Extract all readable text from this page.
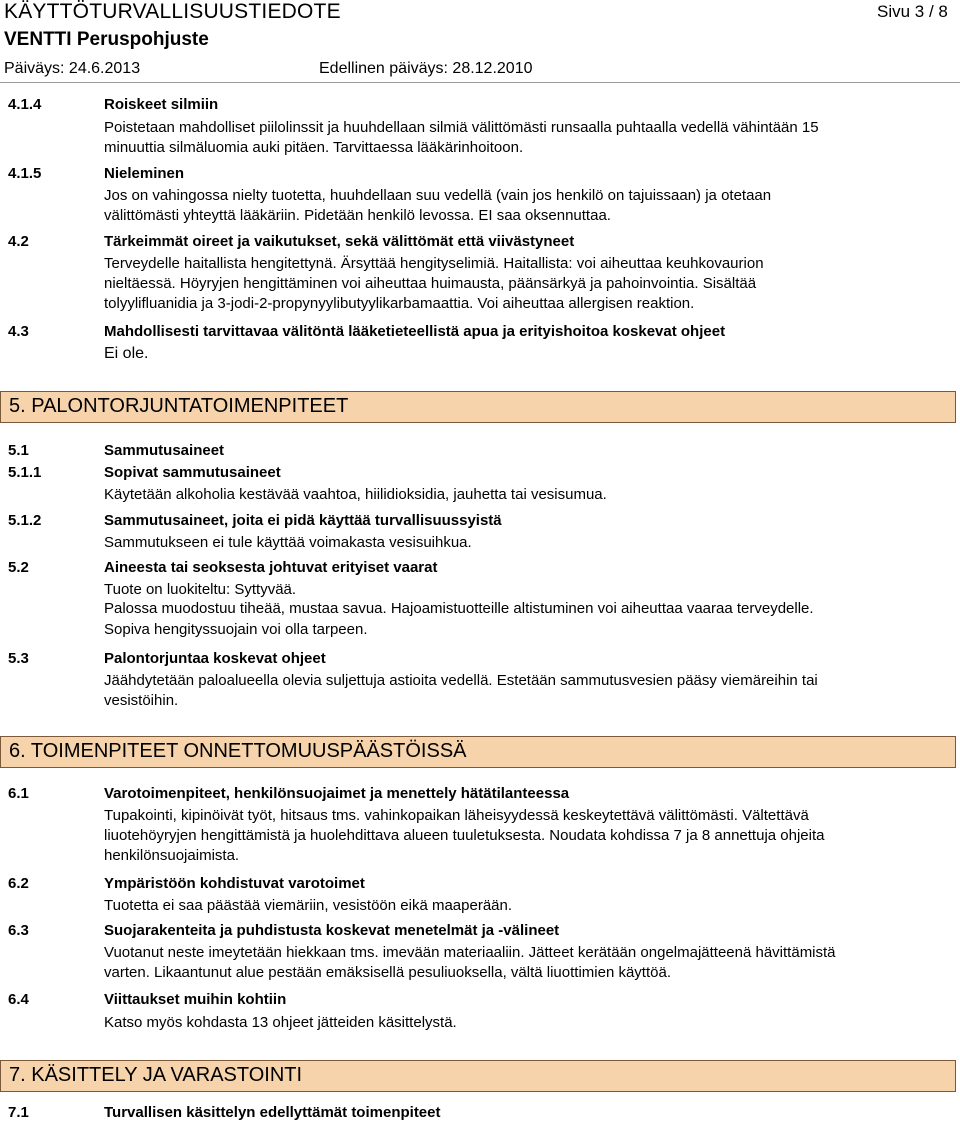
KÄYTTÖTURVALLISUUSTIEDOTE	Sivu 3 / 8
VENTTI Peruspohjuste
Päiväys: 24.6.2013	Edellinen päiväys: 28.12.2010
4.1.4	Roiskeet silmiin
Poistetaan mahdolliset piilolinssit ja huuhdellaan silmiä välittömästi runsaalla puhtaalla vedellä vähintään 15
minuuttia silmäluomia auki pitäen. Tarvittaessa lääkärinhoitoon.
4.1.5	Nieleminen
Jos on vahingossa nielty tuotetta, huuhdellaan suu vedellä (vain jos henkilö on tajuissaan) ja otetaan
välittömästi yhteyttä lääkäriin. Pidetään henkilö levossa. EI saa oksennuttaa.
4.2	Tärkeimmät oireet ja vaikutukset, sekä välittömät että viivästyneet
Terveydelle haitallista hengitettynä. Ärsyttää hengityselimiä. Haitallista: voi aiheuttaa keuhkovaurion
nieltäessä. Höyryjen hengittäminen voi aiheuttaa huimausta, päänsärkyä ja pahoinvointia. Sisältää
tolyylifluanidia ja 3-jodi-2-propynyylibutyylikarbamaattia. Voi aiheuttaa allergisen reaktion.
4.3	Mahdollisesti tarvittavaa välitöntä lääketieteellistä apua ja erityishoitoa koskevat ohjeet
Ei ole.
5. PALONTORJUNTATOIMENPITEET
5.1	Sammutusaineet
5.1.1	Sopivat sammutusaineet
Käytetään alkoholia kestävää vaahtoa, hiilidioksidia, jauhetta tai vesisumua.
5.1.2	Sammutusaineet, joita ei pidä käyttää turvallisuussyistä
Sammutukseen ei tule käyttää voimakasta vesisuihkua.
5.2	Aineesta tai seoksesta johtuvat erityiset vaarat
Tuote on luokiteltu: Syttyvää.
Palossa muodostuu tiheää, mustaa savua. Hajoamistuotteille altistuminen voi aiheuttaa vaaraa terveydelle.
Sopiva hengityssuojain voi olla tarpeen.
5.3	Palontorjuntaa koskevat ohjeet
Jäähdytetään paloalueella olevia suljettuja astioita vedellä. Estetään sammutusvesien pääsy viemäreihin tai
vesistöihin.
6. TOIMENPITEET ONNETTOMUUSPÄÄSTÖISSÄ
6.1	Varotoimenpiteet, henkilönsuojaimet ja menettely hätätilanteessa
Tupakointi, kipinöivät työt, hitsaus tms. vahinkopaikan läheisyydessä keskeytettävä välittömästi. Vältettävä
liuotehöyryjen hengittämistä ja huolehdittava alueen tuuletuksesta. Noudata kohdissa 7 ja 8 annettuja ohjeita
henkilönsuojaimista.
6.2	Ympäristöön kohdistuvat varotoimet
Tuotetta ei saa päästää viemäriin, vesistöön eikä maaperään.
6.3	Suojarakenteita ja puhdistusta koskevat menetelmät ja -välineet
Vuotanut neste imeytetään hiekkaan tms. imevään materiaaliin. Jätteet kerätään ongelmajätteenä hävittämistä
varten. Likaantunut alue pestään emäksisellä pesuliuoksella, vältä liuottimien käyttöä.
6.4	Viittaukset muihin kohtiin
Katso myös kohdasta 13 ohjeet jätteiden käsittelystä.
7. KÄSITTELY JA VARASTOINTI
7.1	Turvallisen käsittelyn edellyttämät toimenpiteet
